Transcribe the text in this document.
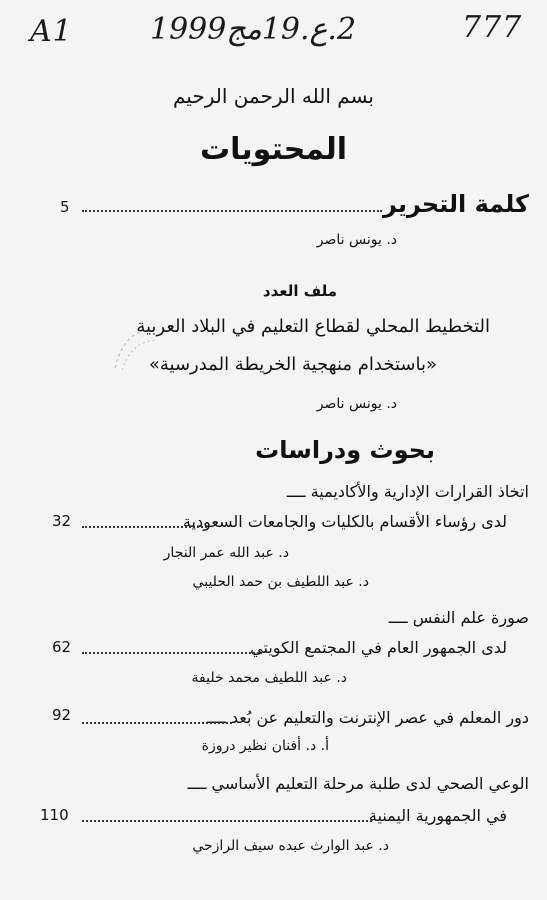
A1	2.ع.19مج1999	777
بسم الله الرحمن الرحيم
المحتويات
كلمة التحرير
5
د. يونس ناصر
ملف العدد
التخطيط المحلي لقطاع التعليم في البلاد العربية
«باستخدام منهجية الخريطة المدرسية»
د. يونس ناصر
بحوث ودراسات
اتخاذ القرارات الإدارية والأكاديمية ــــ
لدى رؤساء الأقسام بالكليات والجامعات السعودية
32
د. عبد الله عمر النجار
د. عبد اللطيف بن حمد الحليبي
صورة علم النفس ــــ
لدى الجمهور العام في المجتمع الكويتي
62
د. عبد اللطيف محمد خليفة
دور المعلم في عصر الإنترنت والتعليم عن بُعد ــــ
92
أ. د. أفنان نظير دروزة
الوعي الصحي لدى طلبة مرحلة التعليم الأساسي ــــ
في الجمهورية اليمنية
110
د. عبد الوارث عبده سيف الرازحي
